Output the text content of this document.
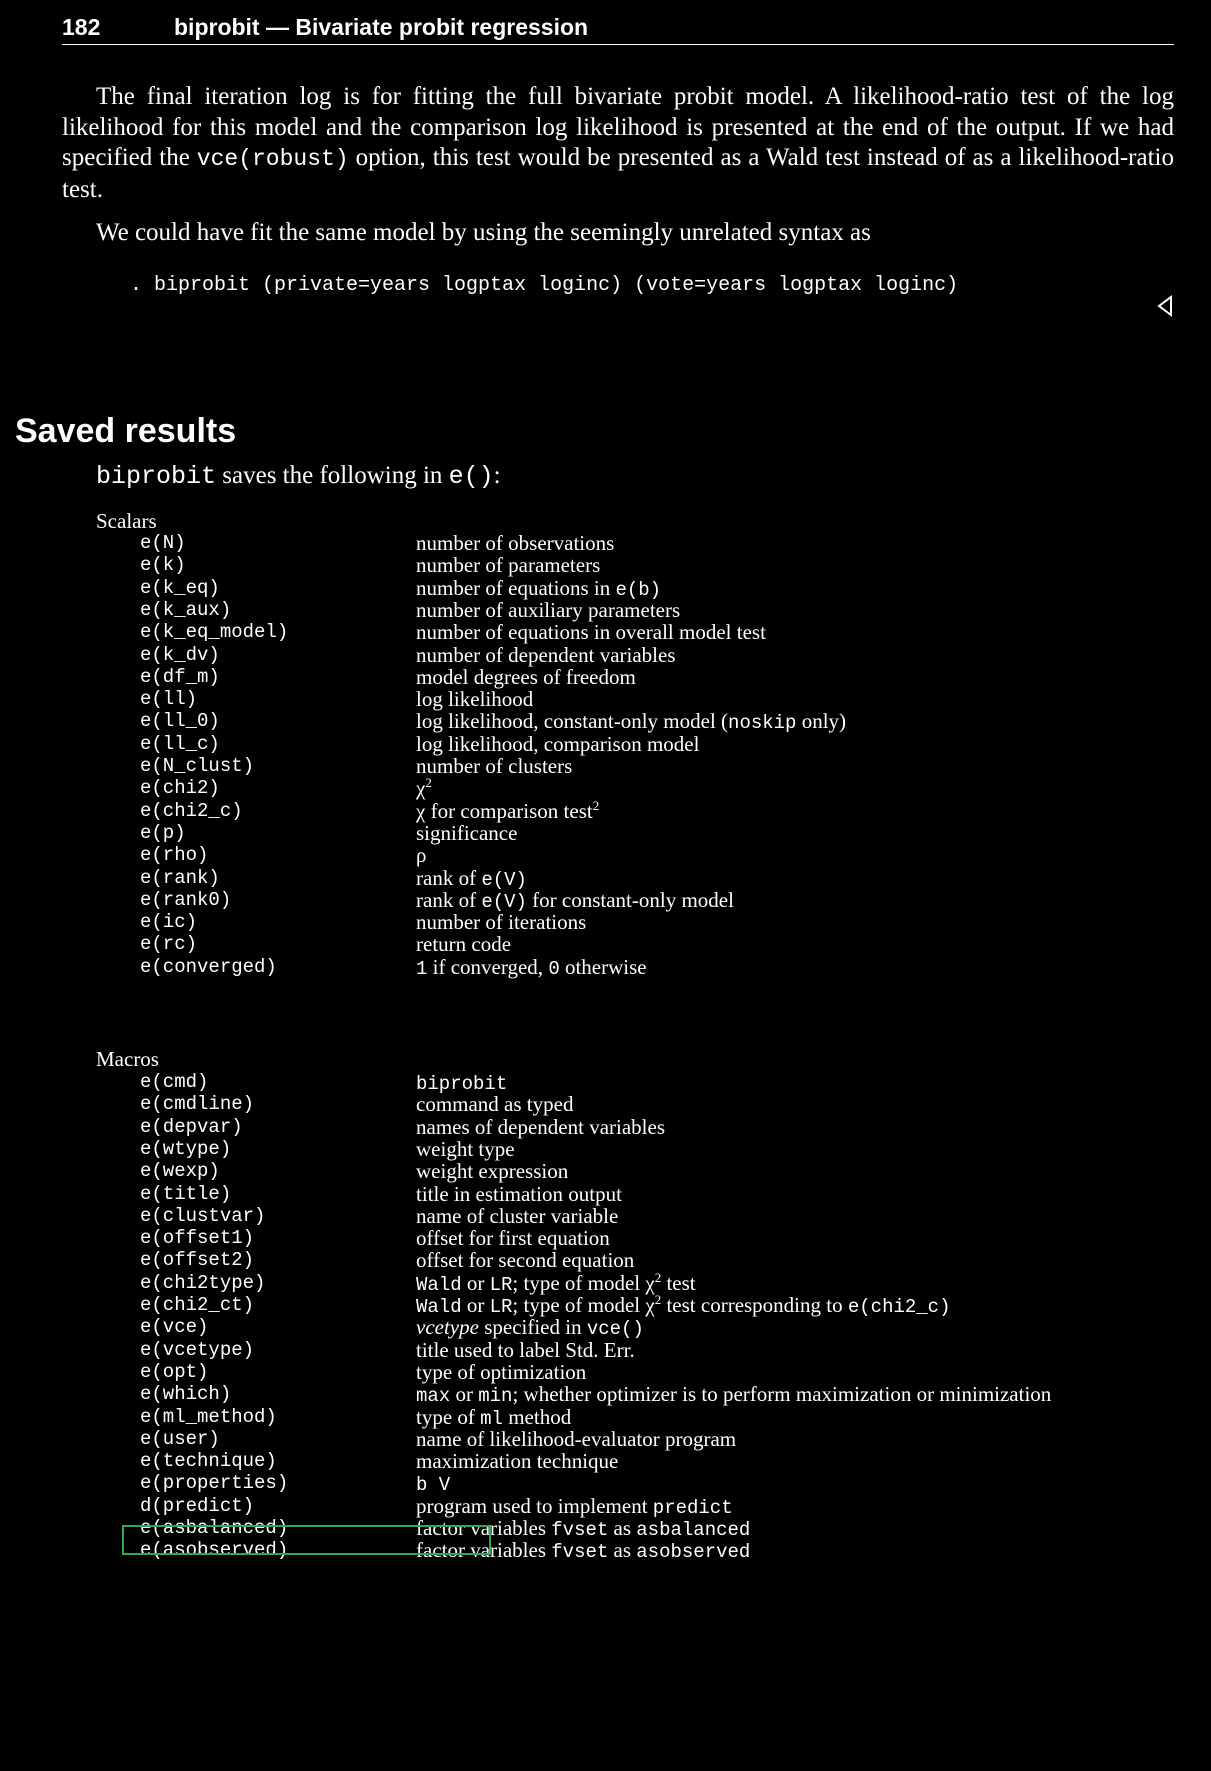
182	biprobit — Bivariate probit regression
The final iteration log is for fitting the full bivariate probit model. A likelihood-ratio test of the log likelihood for this model and the comparison log likelihood is presented at the end of the output. If we had specified the vce(robust) option, this test would be presented as a Wald test instead of as a likelihood-ratio test.
We could have fit the same model by using the seemingly unrelated syntax as
. biprobit (private=years logptax loginc) (vote=years logptax loginc)
Saved results
biprobit saves the following in e():
Scalars
e(N)	number of observations
e(k)	number of parameters
e(k_eq)	number of equations in e(b)
e(k_aux)	number of auxiliary parameters
e(k_eq_model)	number of equations in overall model test
e(k_dv)	number of dependent variables
e(df_m)	model degrees of freedom
e(ll)	log likelihood
e(ll_0)	log likelihood, constant-only model (noskip only)
e(ll_c)	log likelihood, comparison model
e(N_clust)	number of clusters
e(chi2)	$\chi^2$
e(chi2_c)	χ for comparison test$^2$
e(p)	significance
e(rho)	ρ
e(rank)	rank of e(V)
e(rank0)	rank of e(V) for constant-only model
e(ic)	number of iterations
e(rc)	return code
e(converged)	1 if converged, 0 otherwise
Macros
e(cmd)	biprobit
e(cmdline)	command as typed
e(depvar)	names of dependent variables
e(wtype)	weight type
e(wexp)	weight expression
e(title)	title in estimation output
e(clustvar)	name of cluster variable
e(offset1)	offset for first equation
e(offset2)	offset for second equation
e(chi2type)	Wald or LR; type of model $\chi^2$ test
e(chi2_ct)	Wald or LR; type of model $\chi^2$ test corresponding to e(chi2_c)
e(vce)	vcetype specified in vce()
e(vcetype)	title used to label Std. Err.
e(opt)	type of optimization
e(which)	max or min; whether optimizer is to perform maximization or minimization
e(ml_method)	type of ml method
e(user)	name of likelihood-evaluator program
e(technique)	maximization technique
e(properties)	b V
d(predict)	program used to implement predict
e(asbalanced)	factor variables fvset as asbalanced
e(asobserved)	factor variables fvset as asobserved
